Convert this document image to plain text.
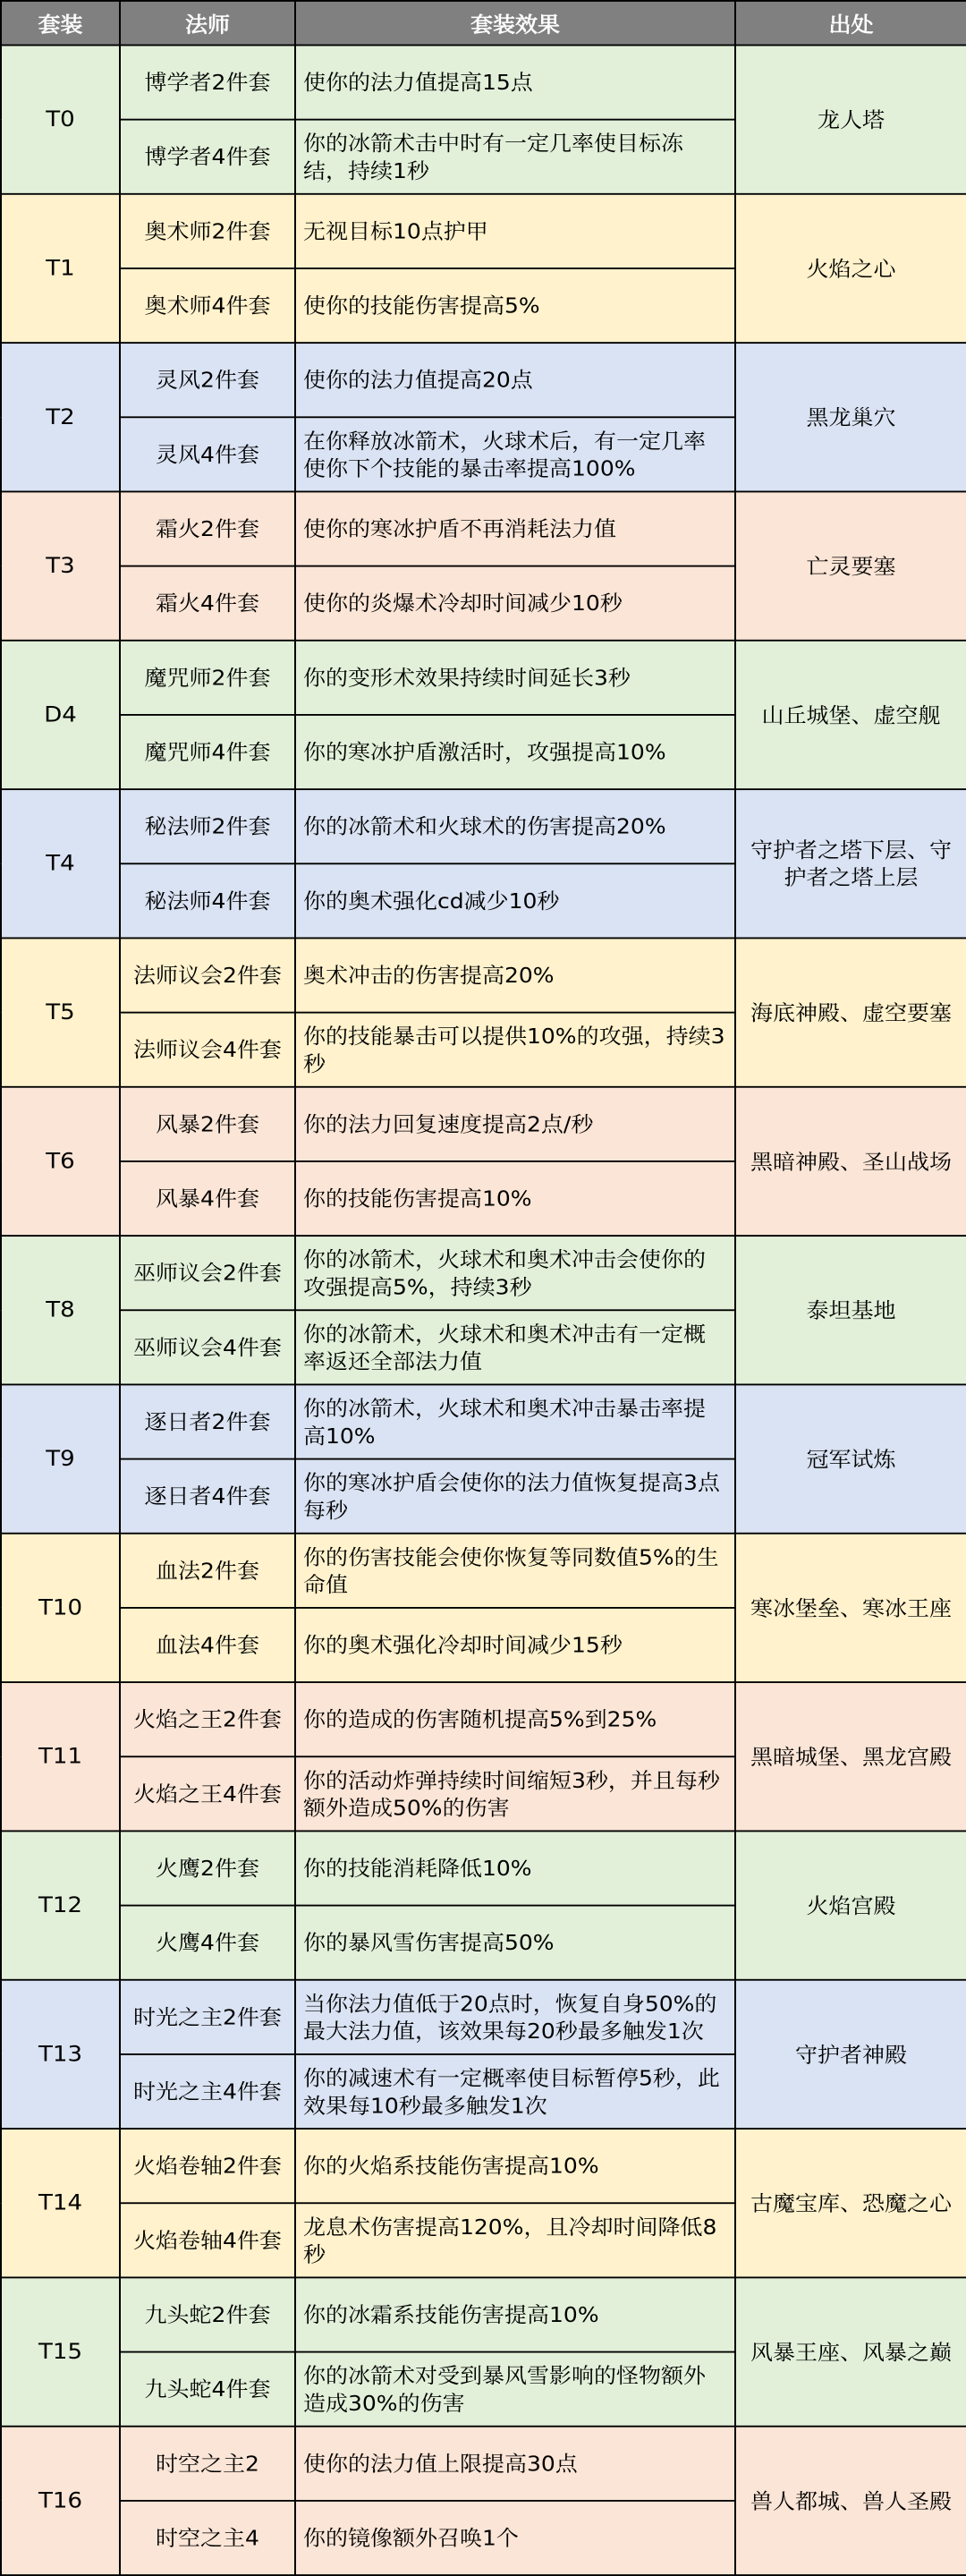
套装	法师	套装效果	出处
T0	博学者2件套	使你的法力值提高15点	龙人塔
	博学者4件套	你的冰箭术击中时有一定几率使目标冻结，持续1秒	
T1	奥术师2件套	无视目标10点护甲	火焰之心
	奥术师4件套	使你的技能伤害提高5%	
T2	灵风2件套	使你的法力值提高20点	黑龙巢穴
	灵风4件套	在你释放冰箭术，火球术后，有一定几率使你下个技能的暴击率提高100%	
T3	霜火2件套	使你的寒冰护盾不再消耗法力值	亡灵要塞
	霜火4件套	使你的炎爆术冷却时间减少10秒	
D4	魔咒师2件套	你的变形术效果持续时间延长3秒	山丘城堡、虚空舰
	魔咒师4件套	你的寒冰护盾激活时，攻强提高10%	
T4	秘法师2件套	你的冰箭术和火球术的伤害提高20%	守护者之塔下层、守护者之塔上层
	秘法师4件套	你的奥术强化cd减少10秒	
T5	法师议会2件套	奥术冲击的伤害提高20%	海底神殿、虚空要塞
	法师议会4件套	你的技能暴击可以提供10%的攻强，持续3秒	
T6	风暴2件套	你的法力回复速度提高2点/秒	黑暗神殿、圣山战场
	风暴4件套	你的技能伤害提高10%	
T8	巫师议会2件套	你的冰箭术，火球术和奥术冲击会使你的攻强提高5%，持续3秒	泰坦基地
	巫师议会4件套	你的冰箭术，火球术和奥术冲击有一定概率返还全部法力值	
T9	逐日者2件套	你的冰箭术，火球术和奥术冲击暴击率提高10%	冠军试炼
	逐日者4件套	你的寒冰护盾会使你的法力值恢复提高3点每秒	
T10	血法2件套	你的伤害技能会使你恢复等同数值5%的生命值	寒冰堡垒、寒冰王座
	血法4件套	你的奥术强化冷却时间减少15秒	
T11	火焰之王2件套	你的造成的伤害随机提高5%到25%	黑暗城堡、黑龙宫殿
	火焰之王4件套	你的活动炸弹持续时间缩短3秒，并且每秒额外造成50%的伤害	
T12	火鹰2件套	你的技能消耗降低10%	火焰宫殿
	火鹰4件套	你的暴风雪伤害提高50%	
T13	时光之主2件套	当你法力值低于20点时，恢复自身50%的最大法力值，该效果每20秒最多触发1次	守护者神殿
	时光之主4件套	你的减速术有一定概率使目标暂停5秒，此效果每10秒最多触发1次	
T14	火焰卷轴2件套	你的火焰系技能伤害提高10%	古魔宝库、恐魔之心
	火焰卷轴4件套	龙息术伤害提高120%，且冷却时间降低8秒	
T15	九头蛇2件套	你的冰霜系技能伤害提高10%	风暴王座、风暴之巅
	九头蛇4件套	你的冰箭术对受到暴风雪影响的怪物额外造成30%的伤害	
T16	时空之主2	使你的法力值上限提高30点	兽人都城、兽人圣殿
	时空之主4	你的镜像额外召唤1个	
